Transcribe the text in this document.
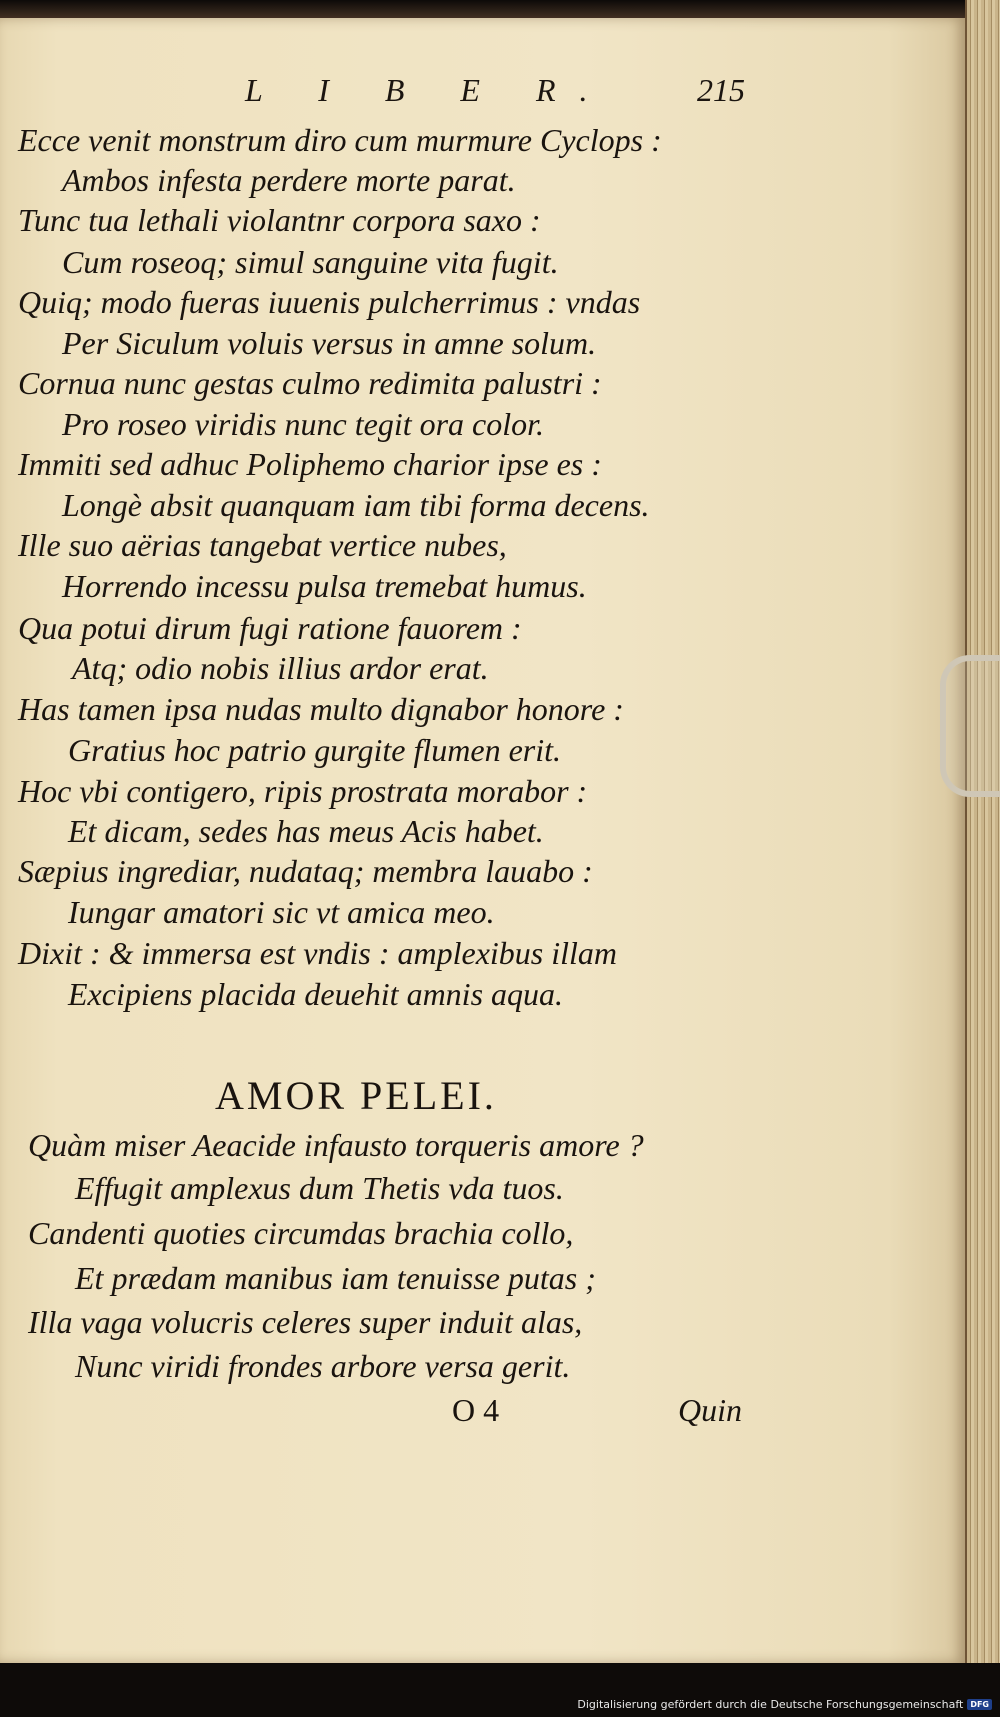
L I B E R.	215
Ecce venit monstrum diro cum murmure Cyclops :
Ambos infesta perdere morte parat.
Tunc tua lethali violantnr corpora saxo :
Cum roseoq; simul sanguine vita fugit.
Quiq; modo fueras iuuenis pulcherrimus : vndas
Per Siculum voluis versus in amne solum.
Cornua nunc gestas culmo redimita palustri :
Pro roseo viridis nunc tegit ora color.
Immiti sed adhuc Poliphemo charior ipse es :
Longè absit quanquam iam tibi forma decens.
Ille suo aërias tangebat vertice nubes,
Horrendo incessu pulsa tremebat humus.
Qua potui dirum fugi ratione fauorem :
Atq; odio nobis illius ardor erat.
Has tamen ipsa nudas multo dignabor honore :
Gratius hoc patrio gurgite flumen erit.
Hoc vbi contigero, ripis prostrata morabor :
Et dicam, sedes has meus Acis habet.
Sæpius ingrediar, nudataq; membra lauabo :
Iungar amatori sic vt amica meo.
Dixit : & immersa est vndis : amplexibus illam
Excipiens placida deuehit amnis aqua.
AMOR PELEI.
Quàm miser Aeacide infausto torqueris amore ?
Effugit amplexus dum Thetis vda tuos.
Candenti quoties circumdas brachia collo,
Et prædam manibus iam tenuisse putas ;
Illa vaga volucris celeres super induit alas,
Nunc viridi frondes arbore versa gerit.
O 4	Quin
Digitalisierung gefördert durch die Deutsche Forschungsgemeinschaft DFG
